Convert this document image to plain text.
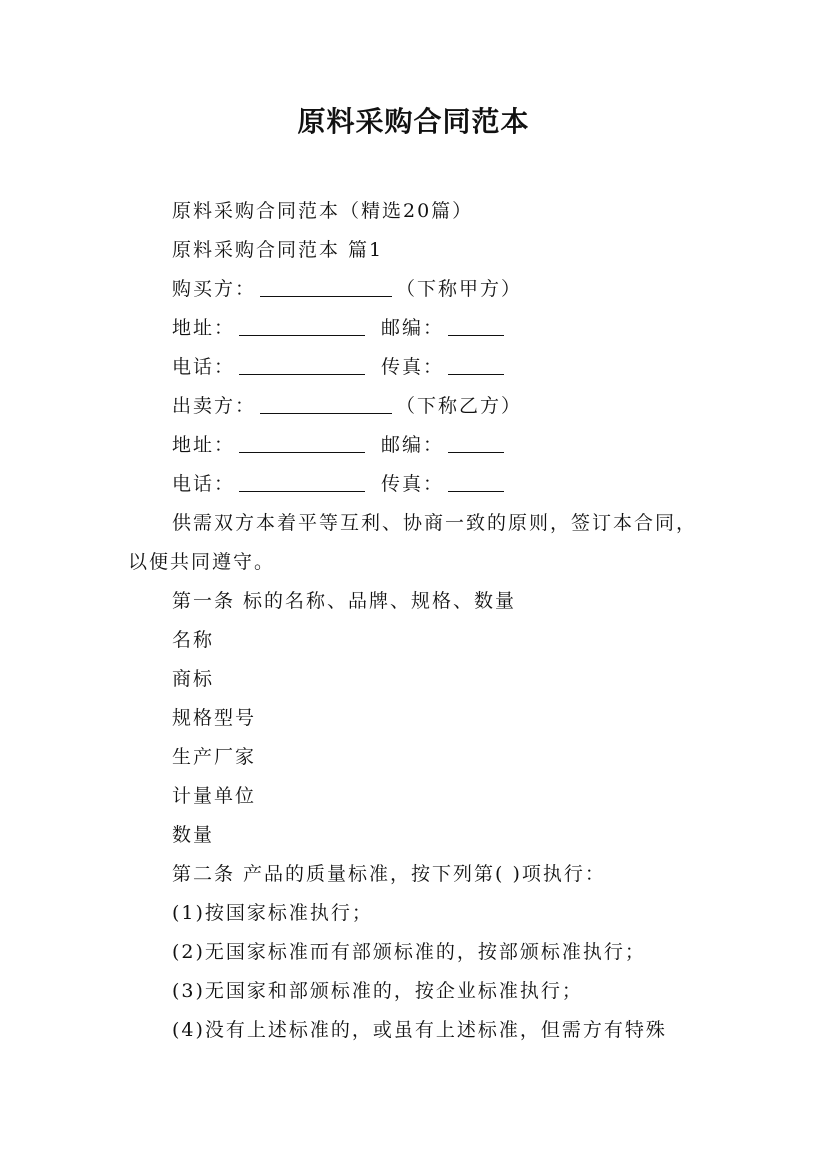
原料采购合同范本

原料采购合同范本（精选20篇）

原料采购合同范本 篇1

购买方：	（下称甲方）

地址：	邮编：

电话：	传真：

出卖方：	（下称乙方）

地址：	邮编：

电话：	传真：

供需双方本着平等互利、协商一致的原则，签订本合同，以便共同遵守。

第一条 标的名称、品牌、规格、数量

名称

商标

规格型号

生产厂家

计量单位

数量

第二条 产品的质量标准，按下列第( )项执行：

(1)按国家标准执行；

(2)无国家标准而有部颁标准的，按部颁标准执行；

(3)无国家和部颁标准的，按企业标准执行；

(4)没有上述标准的，或虽有上述标准，但需方有特殊
